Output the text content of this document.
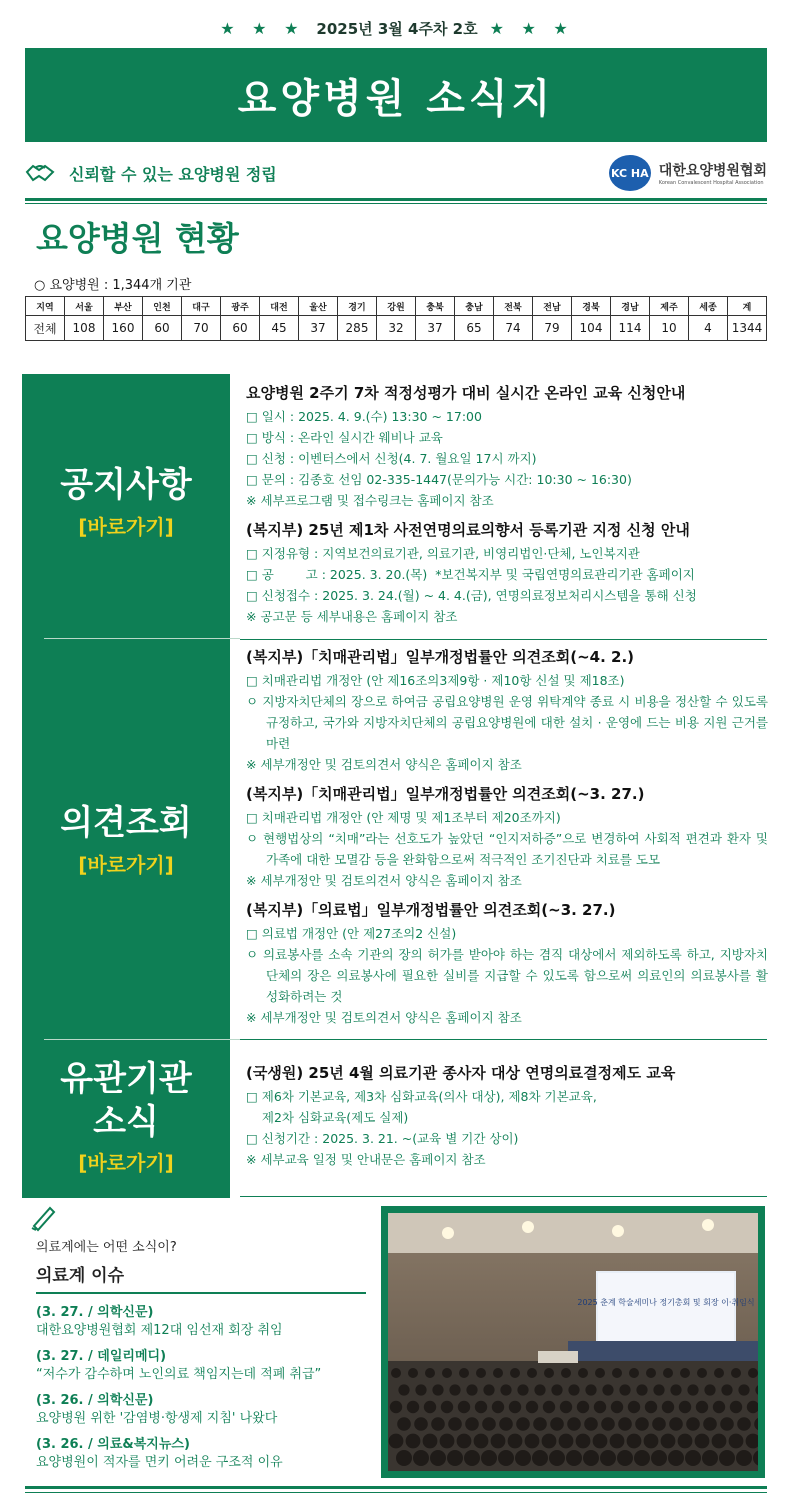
★ ★ ★ 2025년 3월 4주차 2호 ★ ★ ★
요양병원 소식지
신뢰할 수 있는 요양병원 정립	KC HA 대한요양병원협회
Korean Convalescent Hospital Association
요양병원 현황
○ 요양병원 : 1,344개 기관
지역	서울	부산	인천	대구	광주	대전	울산	경기	강원	충북	충남	전북	전남	경북	경남	제주	세종	계
전체	108	160	60	70	60	45	37	285	32	37	65	74	79	104	114	10	4	1344
공지사항
[바로가기]
의견조회
[바로가기]
유관기관
소식
[바로가기]
요양병원 2주기 7차 적정성평가 대비 실시간 온라인 교육 신청안내
□ 일시 : 2025. 4. 9.(수) 13:30 ~ 17:00
□ 방식 : 온라인 실시간 웨비나 교육
□ 신청 : 이벤터스에서 신청(4. 7. 월요일 17시 까지)
□ 문의 : 김종호 선임 02-335-1447(문의가능 시간: 10:30 ~ 16:30)
※ 세부프로그램 및 접수링크는 홈페이지 참조
(복지부) 25년 제1차 사전연명의료의향서 등록기관 지정 신청 안내
□ 지정유형 : 지역보건의료기관, 의료기관, 비영리법인·단체, 노인복지관
□ 공        고 : 2025. 3. 20.(목)  *보건복지부 및 국립연명의료관리기관 홈페이지
□ 신청접수 : 2025. 3. 24.(월) ~ 4. 4.(금), 연명의료정보처리시스템을 통해 신청
※ 공고문 등 세부내용은 홈페이지 참조
(복지부)「치매관리법」일부개정법률안 의견조회(~4. 2.)
□ 치매관리법 개정안 (안 제16조의3제9항 · 제10항 신설 및 제18조)
ㅇ 지방자치단체의 장으로 하여금 공립요양병원 운영 위탁계약 종료 시 비용을 정산할 수 있도록 규정하고, 국가와 지방자치단체의 공립요양병원에 대한 설치 · 운영에 드는 비용 지원 근거를 마련
※ 세부개정안 및 검토의견서 양식은 홈페이지 참조
(복지부)「치매관리법」일부개정법률안 의견조회(~3. 27.)
□ 치매관리법 개정안 (안 제명 및 제1조부터 제20조까지)
ㅇ 현행법상의 “치매”라는 선호도가 높았던 “인지저하증”으로 변경하여 사회적 편견과 환자 및 가족에 대한 모멸감 등을 완화함으로써 적극적인 조기진단과 치료를 도모
※ 세부개정안 및 검토의견서 양식은 홈페이지 참조
(복지부)「의료법」일부개정법률안 의견조회(~3. 27.)
□ 의료법 개정안 (안 제27조의2 신설)
ㅇ 의료봉사를 소속 기관의 장의 허가를 받아야 하는 겸직 대상에서 제외하도록 하고, 지방자치단체의 장은 의료봉사에 필요한 실비를 지급할 수 있도록 함으로써 의료인의 의료봉사를 활성화하려는 것
※ 세부개정안 및 검토의견서 양식은 홈페이지 참조
(국생원) 25년 4월 의료기관 종사자 대상 연명의료결정제도 교육
□ 제6차 기본교육, 제3차 심화교육(의사 대상), 제8차 기본교육,
제2차 심화교육(제도 실제)
□ 신청기간 : 2025. 3. 21. ~(교육 별 기간 상이)
※ 세부교육 일정 및 안내문은 홈페이지 참조
의료계에는 어떤 소식이?
의료계 이슈
(3. 27. / 의학신문)
대한요양병원협회 제12대 임선재 회장 취임
(3. 27. / 데일리메디)
“저수가 감수하며 노인의료 책임지는데 적폐 취급”
(3. 26. / 의학신문)
요양병원 위한 '감염병·항생제 지침' 나왔다
(3. 26. / 의료&복지뉴스)
요양병원이 적자를 면키 어려운 구조적 이유
2025 춘계 학술세미나 정기총회 및 회장 이·취임식
